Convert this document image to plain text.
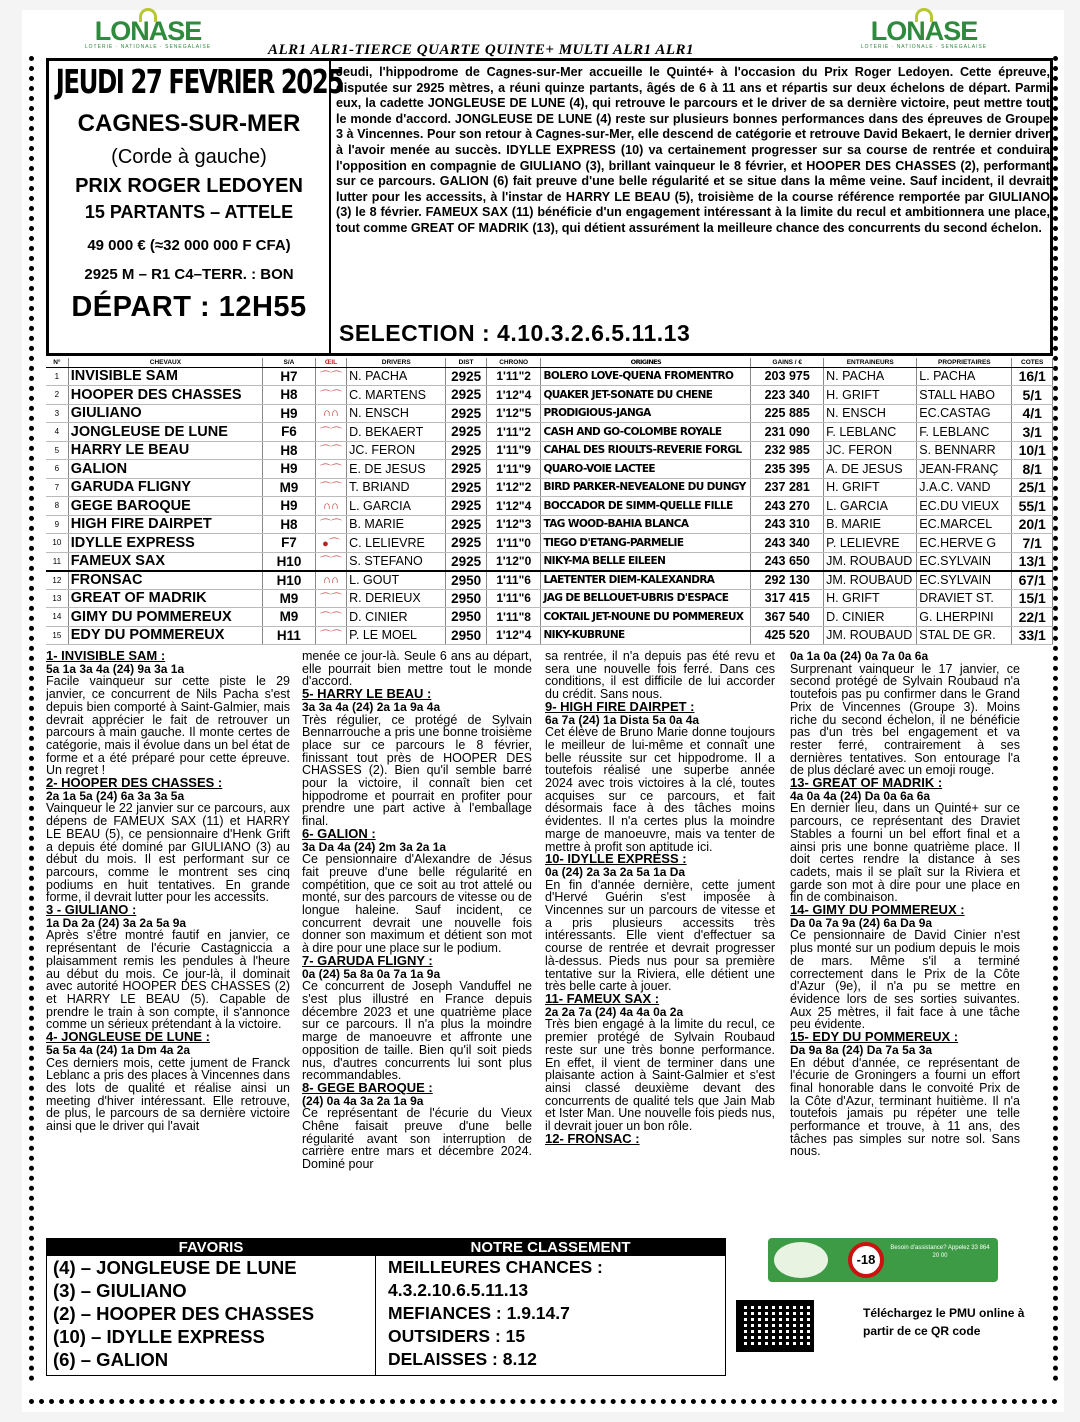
LONASE
LOTERIE · NATIONALE · SENEGALAISE
LONASE
LOTERIE · NATIONALE · SENEGALAISE
ALR1 ALR1-TIERCE QUARTE QUINTE+ MULTI ALR1 ALR1
JEUDI 27 FEVRIER 2025
CAGNES-SUR-MER
(Corde à gauche)
PRIX ROGER LEDOYEN
15 PARTANTS – ATTELE
49 000 € (≈32 000 000 F CFA)
2925 M – R1 C4–TERR. : BON
DÉPART : 12H55
Jeudi, l'hippodrome de Cagnes-sur-Mer accueille le Quinté+ à l'occasion du Prix Roger Ledoyen. Cette épreuve, disputée sur 2925 mètres, a réuni quinze partants, âgés de 6 à 11 ans et répartis sur deux échelons de départ. Parmi eux, la cadette JONGLEUSE DE LUNE (4), qui retrouve le parcours et le driver de sa dernière victoire, peut mettre tout le monde d'accord. JONGLEUSE DE LUNE (4) reste sur plusieurs bonnes performances dans des épreuves de Groupe 3 à Vincennes. Pour son retour à Cagnes-sur-Mer, elle descend de catégorie et retrouve David Bekaert, le dernier driver à l'avoir menée au succès. IDYLLE EXPRESS (10) va certainement progresser sur sa course de rentrée et conduira l'opposition en compagnie de GIULIANO (3), brillant vainqueur le 8 février, et HOOPER DES CHASSES (2), performant sur ce parcours. GALION (6) fait preuve d'une belle régularité et se situe dans la même veine. Sauf incident, il devrait lutter pour les accessits, à l'instar de HARRY LE BEAU (5), troisième de la course référence remportée par GIULIANO (3) le 8 février. FAMEUX SAX (11) bénéficie d'un engagement intéressant à la limite du recul et ambitionnera une place, tout comme GREAT OF MADRIK (13), qui détient assurément la meilleure chance des concurrents du second échelon.
SELECTION : 4.10.3.2.6.5.11.13
N°	CHEVAUX	S/A	ŒIL	DRIVERS	DIST	CHRONO	ORIGINES	GAINS / €	ENTRAINEURS	PROPRIETAIRES	COTES
1	INVISIBLE SAM	H7	⌒⌒	N. PACHA	2925	1'11"2	BOLERO LOVE-QUENA FROMENTRO	203 975	N. PACHA	L. PACHA	16/1
2	HOOPER DES CHASSES	H8	⌒⌒	C. MARTENS	2925	1'12"4	QUAKER JET-SONATE DU CHENE	223 340	H. GRIFT	STALL HABO	5/1
3	GIULIANO	H9	∩∩	N. ENSCH	2925	1'12"5	PRODIGIOUS-JANGA	225 885	N. ENSCH	EC.CASTAG	4/1
4	JONGLEUSE DE LUNE	F6	⌒⌒	D. BEKAERT	2925	1'11"2	CASH AND GO-COLOMBE ROYALE	231 090	F. LEBLANC	F. LEBLANC	3/1
5	HARRY LE BEAU	H8	⌒⌒	JC. FERON	2925	1'11"9	CAHAL DES RIOULTS-REVERIE FORGL	232 985	JC. FERON	S. BENNARR	10/1
6	GALION	H9	⌒⌒	E. DE JESUS	2925	1'11"9	QUARO-VOIE LACTEE	235 395	A. DE JESUS	JEAN-FRANÇ	8/1
7	GARUDA FLIGNY	M9	⌒⌒	T. BRIAND	2925	1'12"2	BIRD PARKER-NEVEALONE DU DUNGY	237 281	H. GRIFT	J.A.C. VAND	25/1
8	GEGE BAROQUE	H9	∩∩	L. GARCIA	2925	1'12"4	BOCCADOR DE SIMM-QUELLE FILLE	243 270	L. GARCIA	EC.DU VIEUX	55/1
9	HIGH FIRE DAIRPET	H8	⌒⌒	B. MARIE	2925	1'12"3	TAG WOOD-BAHIA BLANCA	243 310	B. MARIE	EC.MARCEL	20/1
10	IDYLLE EXPRESS	F7	●⌒	C. LELIEVRE	2925	1'11"0	TIEGO D'ETANG-PARMELIE	243 340	P. LELIEVRE	EC.HERVE G	7/1
11	FAMEUX SAX	H10	⌒⌒	S. STEFANO	2925	1'12"0	NIKY-MA BELLE EILEEN	243 650	JM. ROUBAUD	EC.SYLVAIN	13/1
12	FRONSAC	H10	∩∩	L. GOUT	2950	1'11"6	LAETENTER DIEM-KALEXANDRA	292 130	JM. ROUBAUD	EC.SYLVAIN	67/1
13	GREAT OF MADRIK	M9	⌒⌒	R. DERIEUX	2950	1'11"6	JAG DE BELLOUET-UBRIS D'ESPACE	317 415	H. GRIFT	DRAVIET ST.	15/1
14	GIMY DU POMMEREUX	M9	⌒⌒	D. CINIER	2950	1'11"8	COKTAIL JET-NOUNE DU POMMEREUX	367 540	D. CINIER	G. LHERPINI	22/1
15	EDY DU POMMEREUX	H11	⌒⌒	P. LE MOEL	2950	1'12"4	NIKY-KUBRUNE	425 520	JM. ROUBAUD	STAL DE GR.	33/1
1- INVISIBLE SAM :
5a 1a 3a 4a (24) 9a 3a 1a

Facile vainqueur sur cette piste le 29 janvier, ce concurrent de Nils Pacha s'est depuis bien comporté à Saint-Galmier, mais devrait apprécier le fait de retrouver un parcours à main gauche. Il monte certes de catégorie, mais il évolue dans un bel état de forme et a été préparé pour cette épreuve. Un regret !

2- HOOPER DES CHASSES :
2a 1a 5a (24) 6a 3a 3a 5a

Vainqueur le 22 janvier sur ce parcours, aux dépens de FAMEUX SAX (11) et HARRY LE BEAU (5), ce pensionnaire d'Henk Grift a depuis été dominé par GIULIANO (3) au début du mois. Il est performant sur ce parcours, comme le montrent ses cinq podiums en huit tentatives. En grande forme, il devrait lutter pour les accessits.

3 - GIULIANO :
1a Da 2a (24) 3a 2a 5a 9a

Après s'être montré fautif en janvier, ce représentant de l'écurie Castagniccia a plaisamment remis les pendules à l'heure au début du mois. Ce jour-là, il dominait avec autorité HOOPER DES CHASSES (2) et HARRY LE BEAU (5). Capable de prendre le train à son compte, il s'annonce comme un sérieux prétendant à la victoire.

4- JONGLEUSE DE LUNE :
5a 5a 4a (24) 1a Dm 4a 2a

Ces derniers mois, cette jument de Franck Leblanc a pris des places à Vincennes dans des lots de qualité et réalise ainsi un meeting d'hiver intéressant. Elle retrouve, de plus, le parcours de sa dernière victoire ainsi que le driver qui l'avait

menée ce jour-là. Seule 6 ans au départ, elle pourrait bien mettre tout le monde d'accord.

5- HARRY LE BEAU :
3a 3a 4a (24) 2a 1a 9a 4a

Très régulier, ce protégé de Sylvain Bennarrouche a pris une bonne troisième place sur ce parcours le 8 février, finissant tout près de HOOPER DES CHASSES (2). Bien qu'il semble barré pour la victoire, il connaît bien cet hippodrome et pourrait en profiter pour prendre une part active à l'emballage final.

6- GALION :
3a Da 4a (24) 2m 3a 2a 1a

Ce pensionnaire d'Alexandre de Jésus fait preuve d'une belle régularité en compétition, que ce soit au trot attelé ou monté, sur des parcours de vitesse ou de longue haleine. Sauf incident, ce concurrent devrait une nouvelle fois donner son maximum et détient son mot à dire pour une place sur le podium.

7- GARUDA FLIGNY :
0a (24) 5a 8a 0a 7a 1a 9a

Ce concurrent de Joseph Vanduffel ne s'est plus illustré en France depuis décembre 2023 et une quatrième place sur ce parcours. Il n'a plus la moindre marge de manoeuvre et affronte une opposition de taille. Bien qu'il soit pieds nus, d'autres concurrents lui sont plus recommandables.

8- GEGE BAROQUE :
(24) 0a 4a 3a 2a 1a 9a

Ce représentant de l'écurie du Vieux Chêne faisait preuve d'une belle régularité avant son interruption de carrière entre mars et décembre 2024. Dominé pour

sa rentrée, il n'a depuis pas été revu et sera une nouvelle fois ferré. Dans ces conditions, il est difficile de lui accorder du crédit. Sans nous.

9- HIGH FIRE DAIRPET :
6a 7a (24) 1a Dista 5a 0a 4a

Cet élève de Bruno Marie donne toujours le meilleur de lui-même et connaît une belle réussite sur cet hippodrome. Il a toutefois réalisé une superbe année 2024 avec trois victoires à la clé, toutes acquises sur ce parcours, et fait désormais face à des tâches moins évidentes. Il n'a certes plus la moindre marge de manoeuvre, mais va tenter de mettre à profit son aptitude ici.

10- IDYLLE EXPRESS :
0a (24) 2a 3a 2a 5a 1a Da

En fin d'année dernière, cette jument d'Hervé Guérin s'est imposée à Vincennes sur un parcours de vitesse et a pris plusieurs accessits très intéressants. Elle vient d'effectuer sa course de rentrée et devrait progresser là-dessus. Pieds nus pour sa première tentative sur la Riviera, elle détient une très belle carte à jouer.

11- FAMEUX SAX :
2a 2a 7a (24) 4a 4a 0a 2a

Très bien engagé à la limite du recul, ce premier protégé de Sylvain Roubaud reste sur une très bonne performance. En effet, il vient de terminer dans une plaisante action à Saint-Galmier et s'est ainsi classé deuxième devant des concurrents de qualité tels que Jain Mab et Ister Man. Une nouvelle fois pieds nus, il devrait jouer un bon rôle.

12- FRONSAC :
0a 1a 0a (24) 0a 7a 0a 6a

Surprenant vainqueur le 17 janvier, ce second protégé de Sylvain Roubaud n'a toutefois pas pu confirmer dans le Grand Prix de Vincennes (Groupe 3). Moins riche du second échelon, il ne bénéficie pas d'un très bel engagement et va rester ferré, contrairement à ses dernières tentatives. Son entourage l'a de plus déclaré avec un emoji rouge.

13- GREAT OF MADRIK :
4a 0a 4a (24) Da 0a 6a 6a

En dernier lieu, dans un Quinté+ sur ce parcours, ce représentant des Draviet Stables a fourni un bel effort final et a ainsi pris une bonne quatrième place. Il doit certes rendre la distance à ses cadets, mais il se plaît sur la Riviera et garde son mot à dire pour une place en fin de combinaison.

14- GIMY DU POMMEREUX :
Da 0a 7a 9a (24) 6a Da 9a

Ce pensionnaire de David Cinier n'est plus monté sur un podium depuis le mois de mars. Même s'il a terminé correctement dans le Prix de la Côte d'Azur (9e), il n'a pu se mettre en évidence lors de ses sorties suivantes. Aux 25 mètres, il fait face à une tâche peu évidente.

15- EDY DU POMMEREUX :
Da 9a 8a (24) Da 7a 5a 3a

En début d'année, ce représentant de l'écurie de Groningers a fourni un effort final honorable dans le convoité Prix de la Côte d'Azur, terminant huitième. Il n'a toutefois jamais pu répéter une telle performance et trouve, à 11 ans, des tâches pas simples sur notre sol. Sans nous.

FAVORIS
(4) – JONGLEUSE DE LUNE
(3) – GIULIANO
(2) – HOOPER DES CHASSES
(10) – IDYLLE EXPRESS
(6) – GALION
NOTRE CLASSEMENT
MEILLEURES CHANCES :
4.3.2.10.6.5.11.13
MEFIANCES : 1.9.14.7
OUTSIDERS : 15
DELAISSES : 8.12
-18
Besoin d'assistance? Appelez 33 864 20 00
Téléchargez le PMU online à partir de ce QR code
